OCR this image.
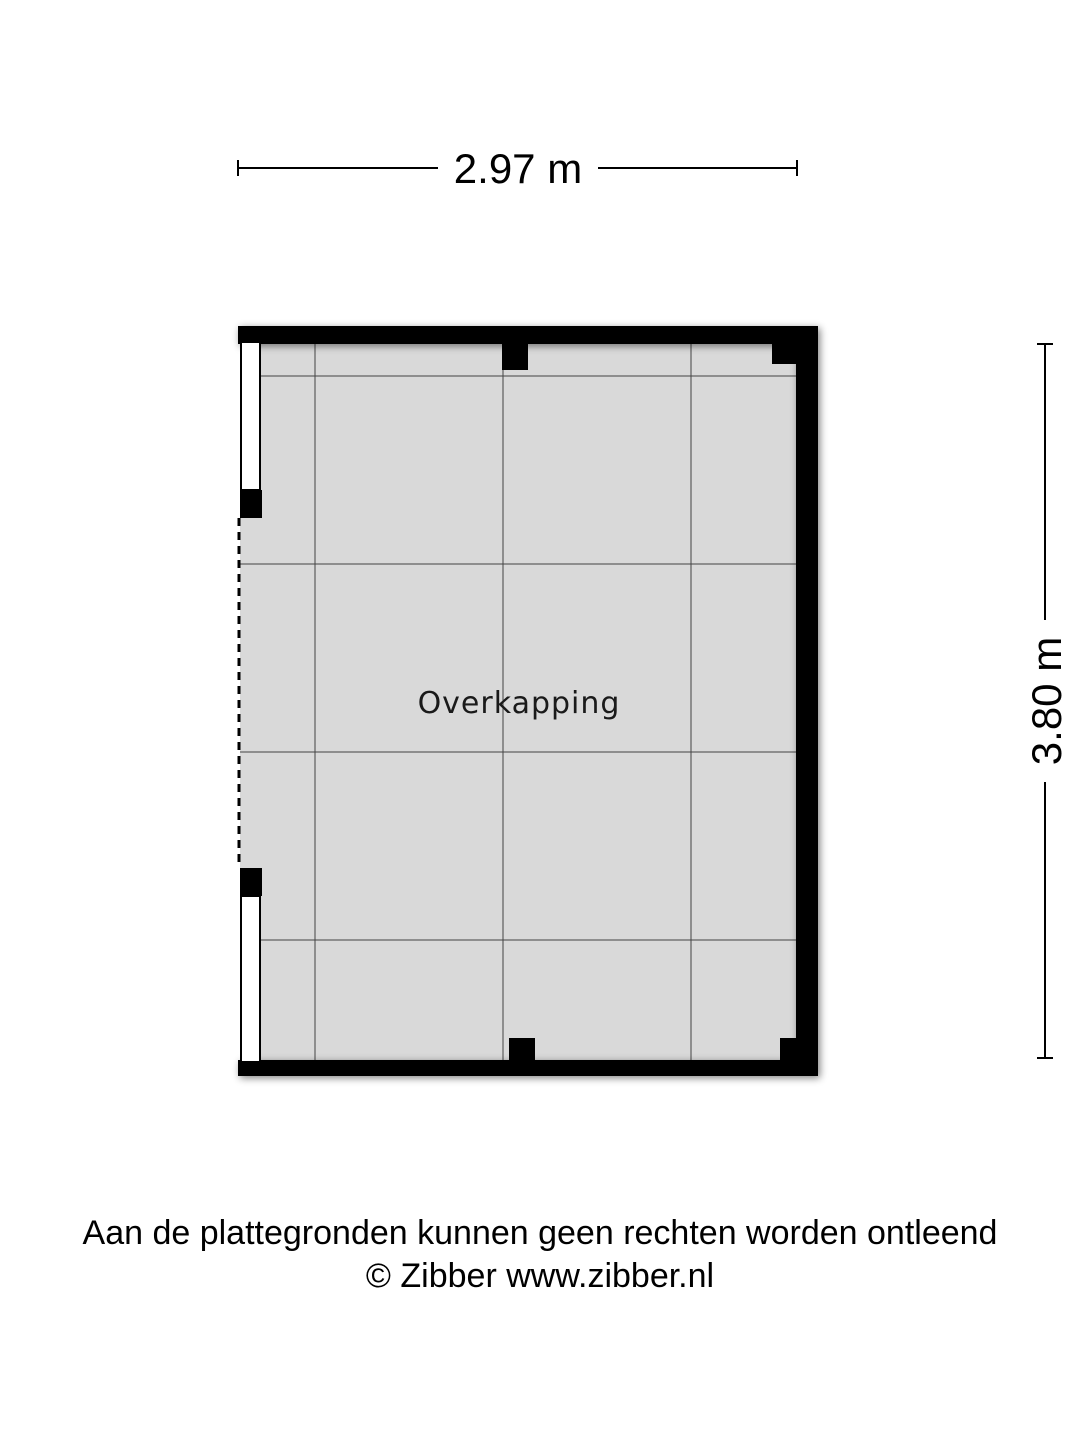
2.97 m
3.80 m
Overkapping
Aan de plattegronden kunnen geen rechten worden ontleend
© Zibber www.zibber.nl
